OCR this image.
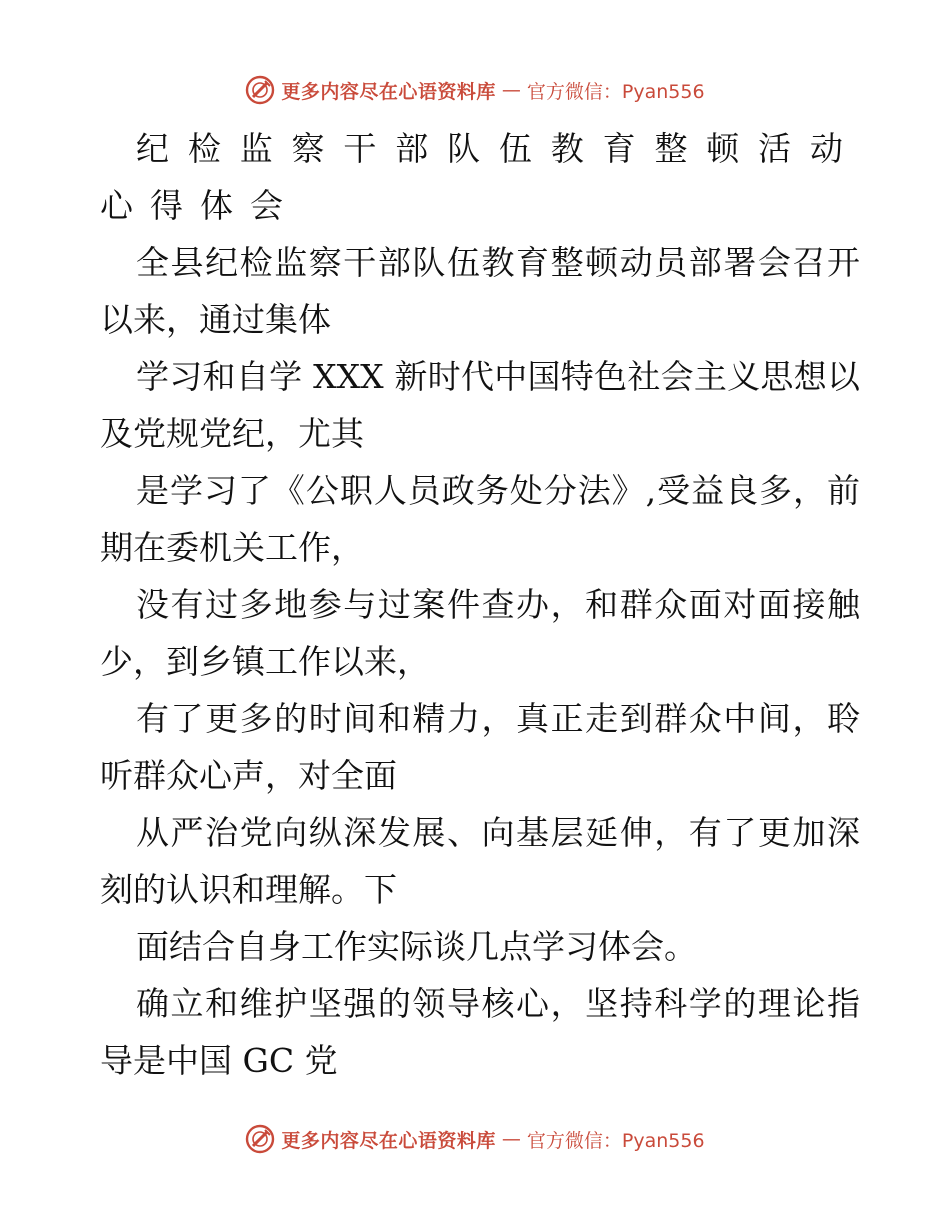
更多内容尽在心语资料库 — 官方微信：Pyan556

纪检监察干部队伍教育整顿活动心得体会

全县纪检监察干部队伍教育整顿动员部署会召开以来，通过集体

学习和自学 XXX 新时代中国特色社会主义思想以及党规党纪，尤其

是学习了《公职人员政务处分法》,受益良多，前期在委机关工作，

没有过多地参与过案件查办，和群众面对面接触少，到乡镇工作以来，

有了更多的时间和精力，真正走到群众中间，聆听群众心声，对全面

从严治党向纵深发展、向基层延伸，有了更加深刻的认识和理解。下

面结合自身工作实际谈几点学习体会。

确立和维护坚强的领导核心，坚持科学的理论指导是中国 GC 党

更多内容尽在心语资料库 — 官方微信：Pyan556
